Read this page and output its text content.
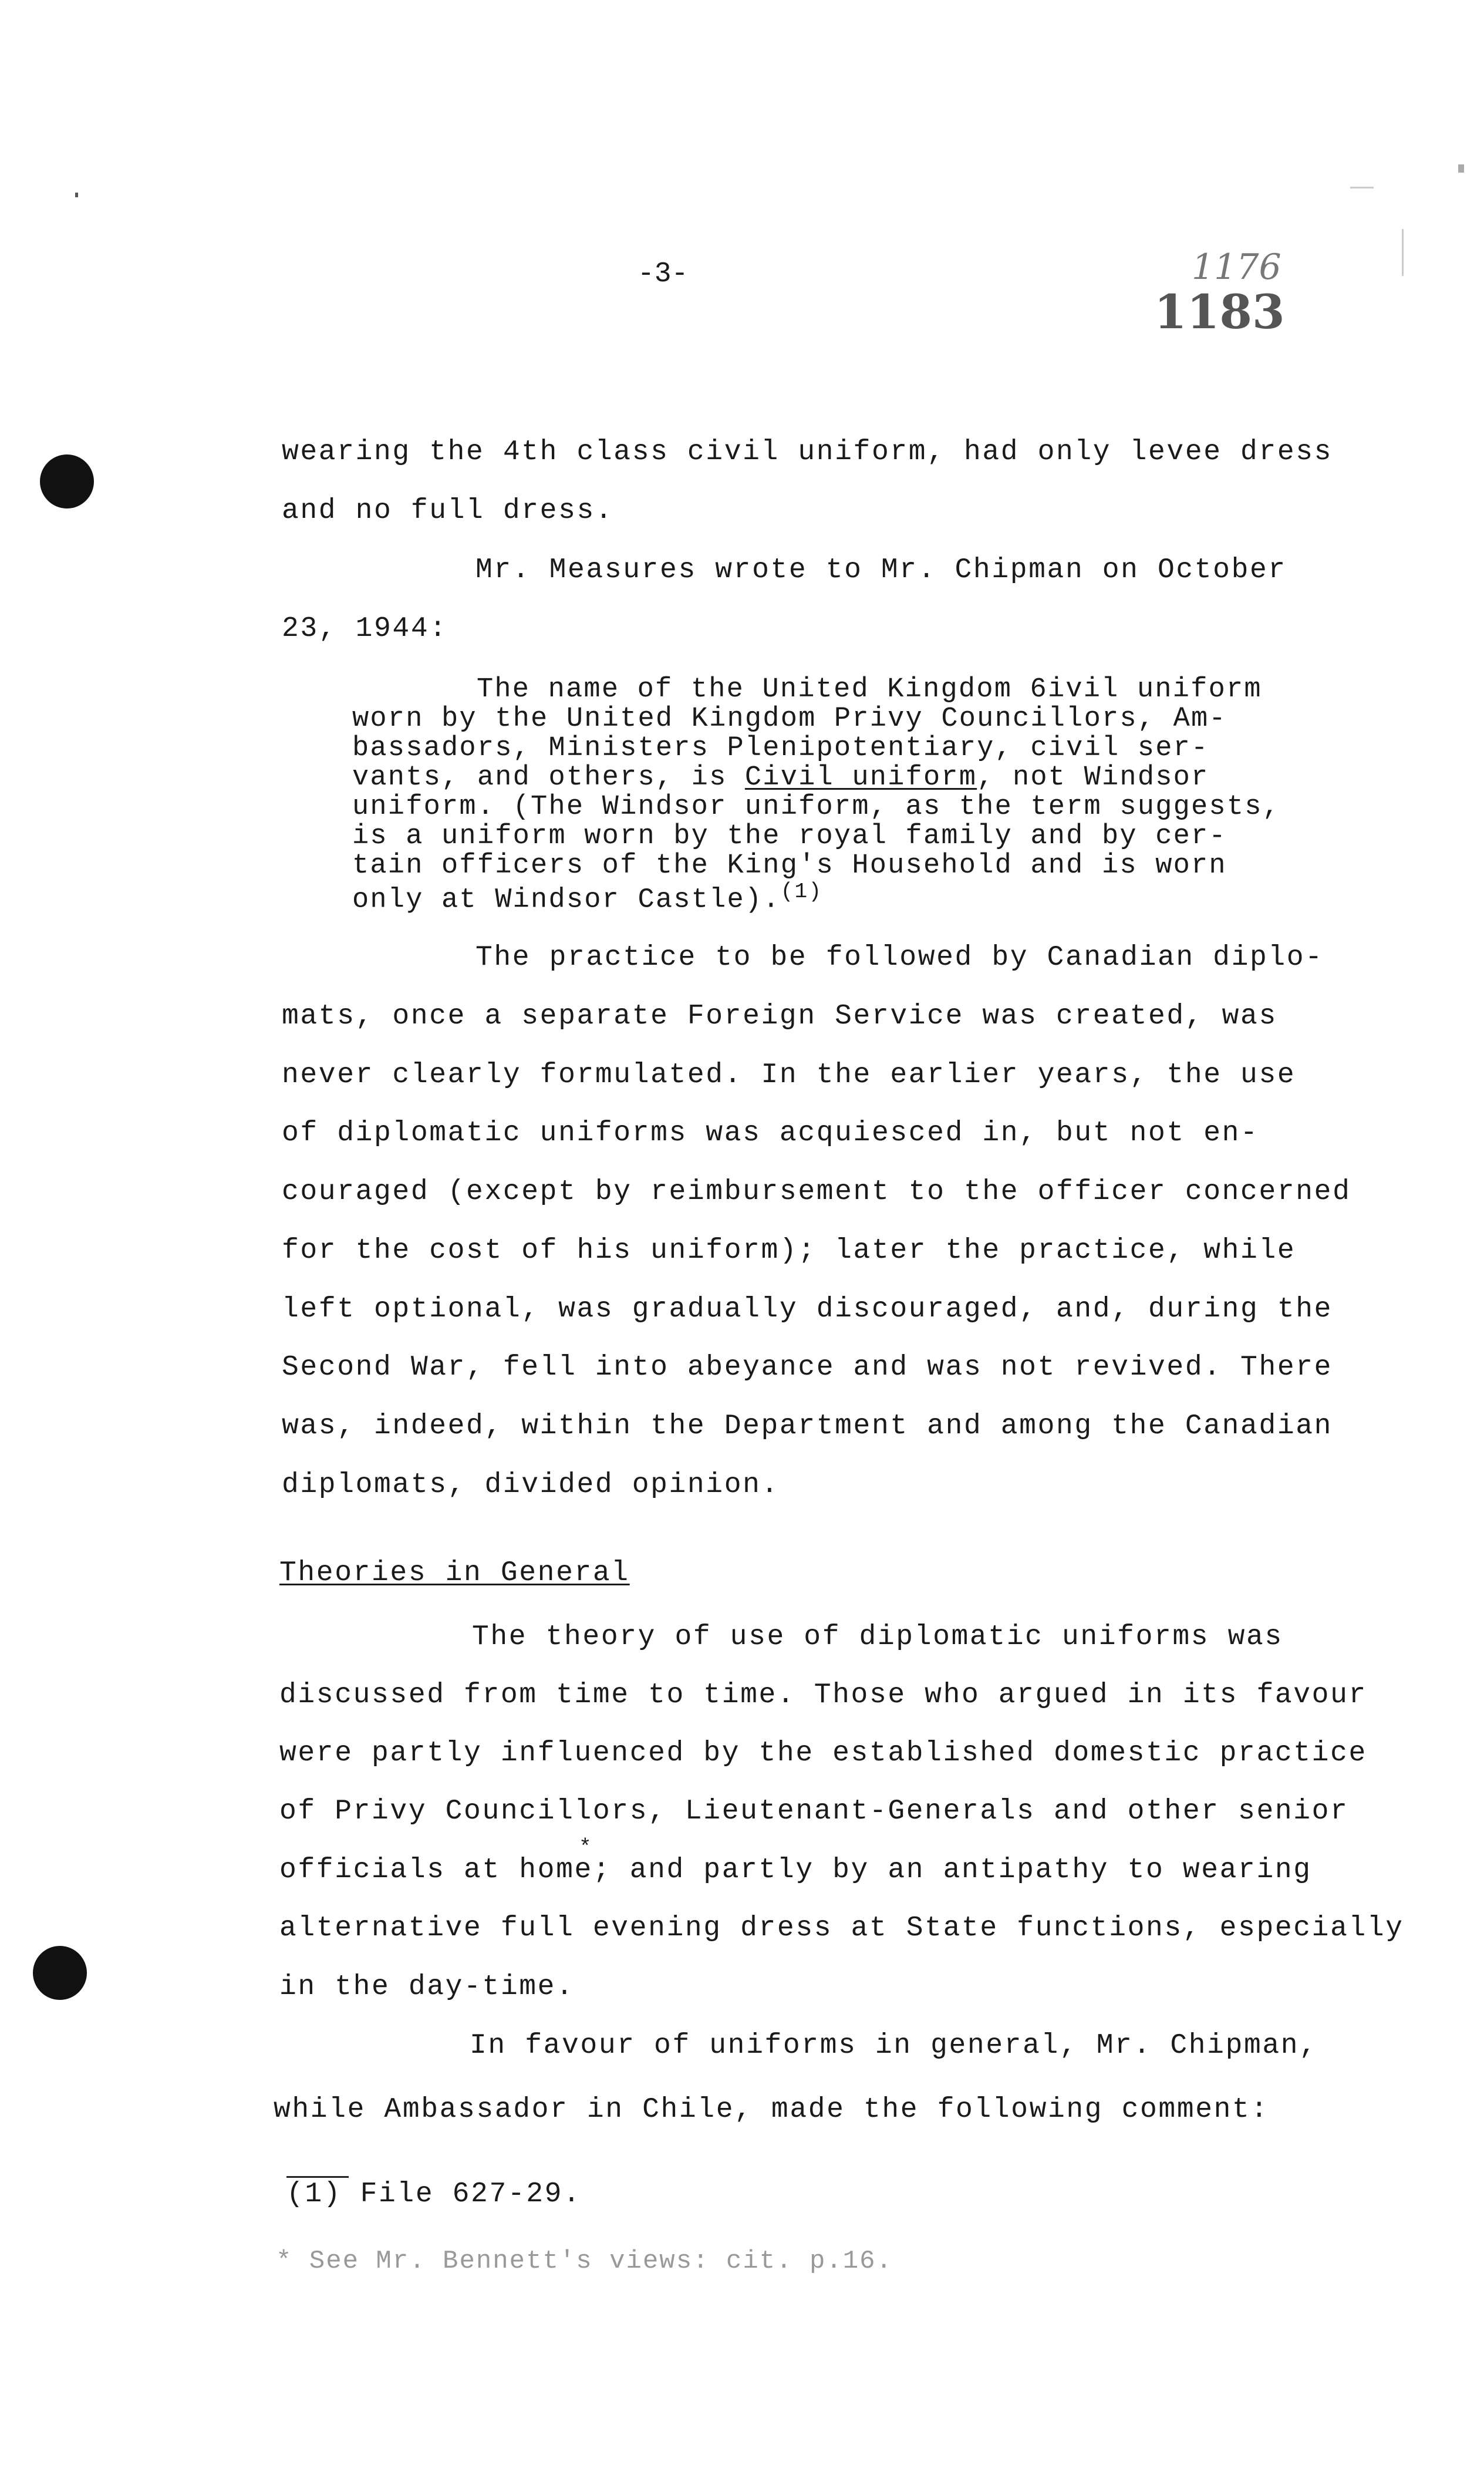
-3-	1176
1183
wearing the 4th class civil uniform, had only levee dress
and no full dress.
Mr. Measures wrote to Mr. Chipman on October
23, 1944:
The name of the United Kingdom 6ivil uniform
worn by the United Kingdom Privy Councillors, Am-
bassadors, Ministers Plenipotentiary, civil ser-
vants, and others, is Civil uniform, not Windsor
uniform. (The Windsor uniform, as the term suggests,
is a uniform worn by the royal family and by cer-
tain officers of the King's Household and is worn
only at Windsor Castle).$^{(1)}$
The practice to be followed by Canadian diplo-
mats, once a separate Foreign Service was created, was
never clearly formulated. In the earlier years, the use
of diplomatic uniforms was acquiesced in, but not en-
couraged (except by reimbursement to the officer concerned
for the cost of his uniform); later the practice, while
left optional, was gradually discouraged, and, during the
Second War, fell into abeyance and was not revived. There
was, indeed, within the Department and among the Canadian
diplomats, divided opinion.
Theories in General
The theory of use of diplomatic uniforms was
discussed from time to time. Those who argued in its favour
were partly influenced by the established domestic practice
of Privy Councillors, Lieutenant-Generals and other senior
*
officials at home; and partly by an antipathy to wearing
alternative full evening dress at State functions, especially
in the day-time.
In favour of uniforms in general, Mr. Chipman,
while Ambassador in Chile, made the following comment:
(1) File 627-29.
* See Mr. Bennett's views: cit. p.16.
